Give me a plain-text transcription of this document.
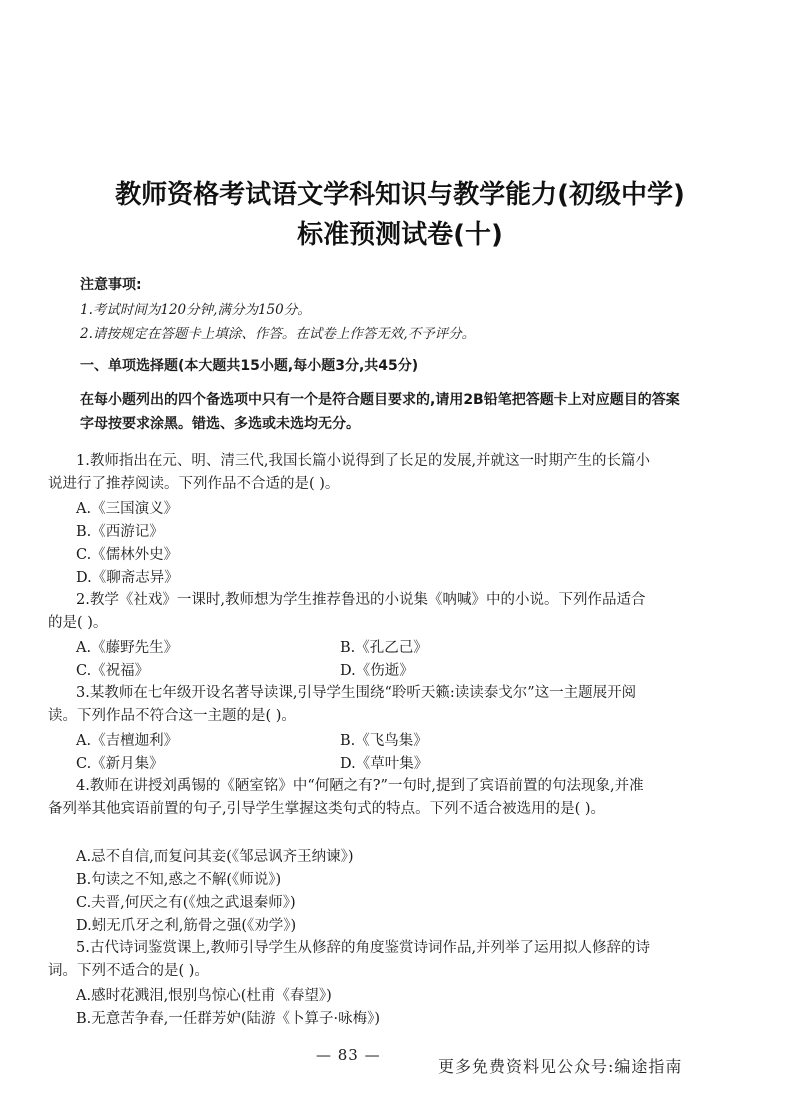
教师资格考试语文学科知识与教学能力(初级中学)
标准预测试卷(十)
注意事项:
1.考试时间为120分钟,满分为150分。
2.请按规定在答题卡上填涂、作答。在试卷上作答无效,不予评分。
一、单项选择题(本大题共15小题,每小题3分,共45分)
在每小题列出的四个备选项中只有一个是符合题目要求的,请用2B铅笔把答题卡上对应题目的答案字母按要求涂黑。错选、多选或未选均无分。
1.教师指出在元、明、清三代,我国长篇小说得到了长足的发展,并就这一时期产生的长篇小说进行了推荐阅读。下列作品不合适的是( )。
A.《三国演义》
B.《西游记》
C.《儒林外史》
D.《聊斋志异》
2.教学《社戏》一课时,教师想为学生推荐鲁迅的小说集《呐喊》中的小说。下列作品适合的是( )。
A.《藤野先生》	B.《孔乙己》
C.《祝福》	D.《伤逝》
3.某教师在七年级开设名著导读课,引导学生围绕“聆听天籁:读读泰戈尔”这一主题展开阅读。下列作品不符合这一主题的是( )。
A.《吉檀迦利》	B.《飞鸟集》
C.《新月集》	D.《草叶集》
4.教师在讲授刘禹锡的《陋室铭》中“何陋之有?”一句时,提到了宾语前置的句法现象,并准备列举其他宾语前置的句子,引导学生掌握这类句式的特点。下列不适合被选用的是( )。
A.忌不自信,而复问其妾(《邹忌讽齐王纳谏》)
B.句读之不知,惑之不解(《师说》)
C.夫晋,何厌之有(《烛之武退秦师》)
D.蚓无爪牙之利,筋骨之强(《劝学》)
5.古代诗词鉴赏课上,教师引导学生从修辞的角度鉴赏诗词作品,并列举了运用拟人修辞的诗词。下列不适合的是( )。
A.感时花溅泪,恨别鸟惊心(杜甫《春望》)
B.无意苦争春,一任群芳妒(陆游《卜算子·咏梅》)
— 83 —
更多免费资料见公众号:编途指南
